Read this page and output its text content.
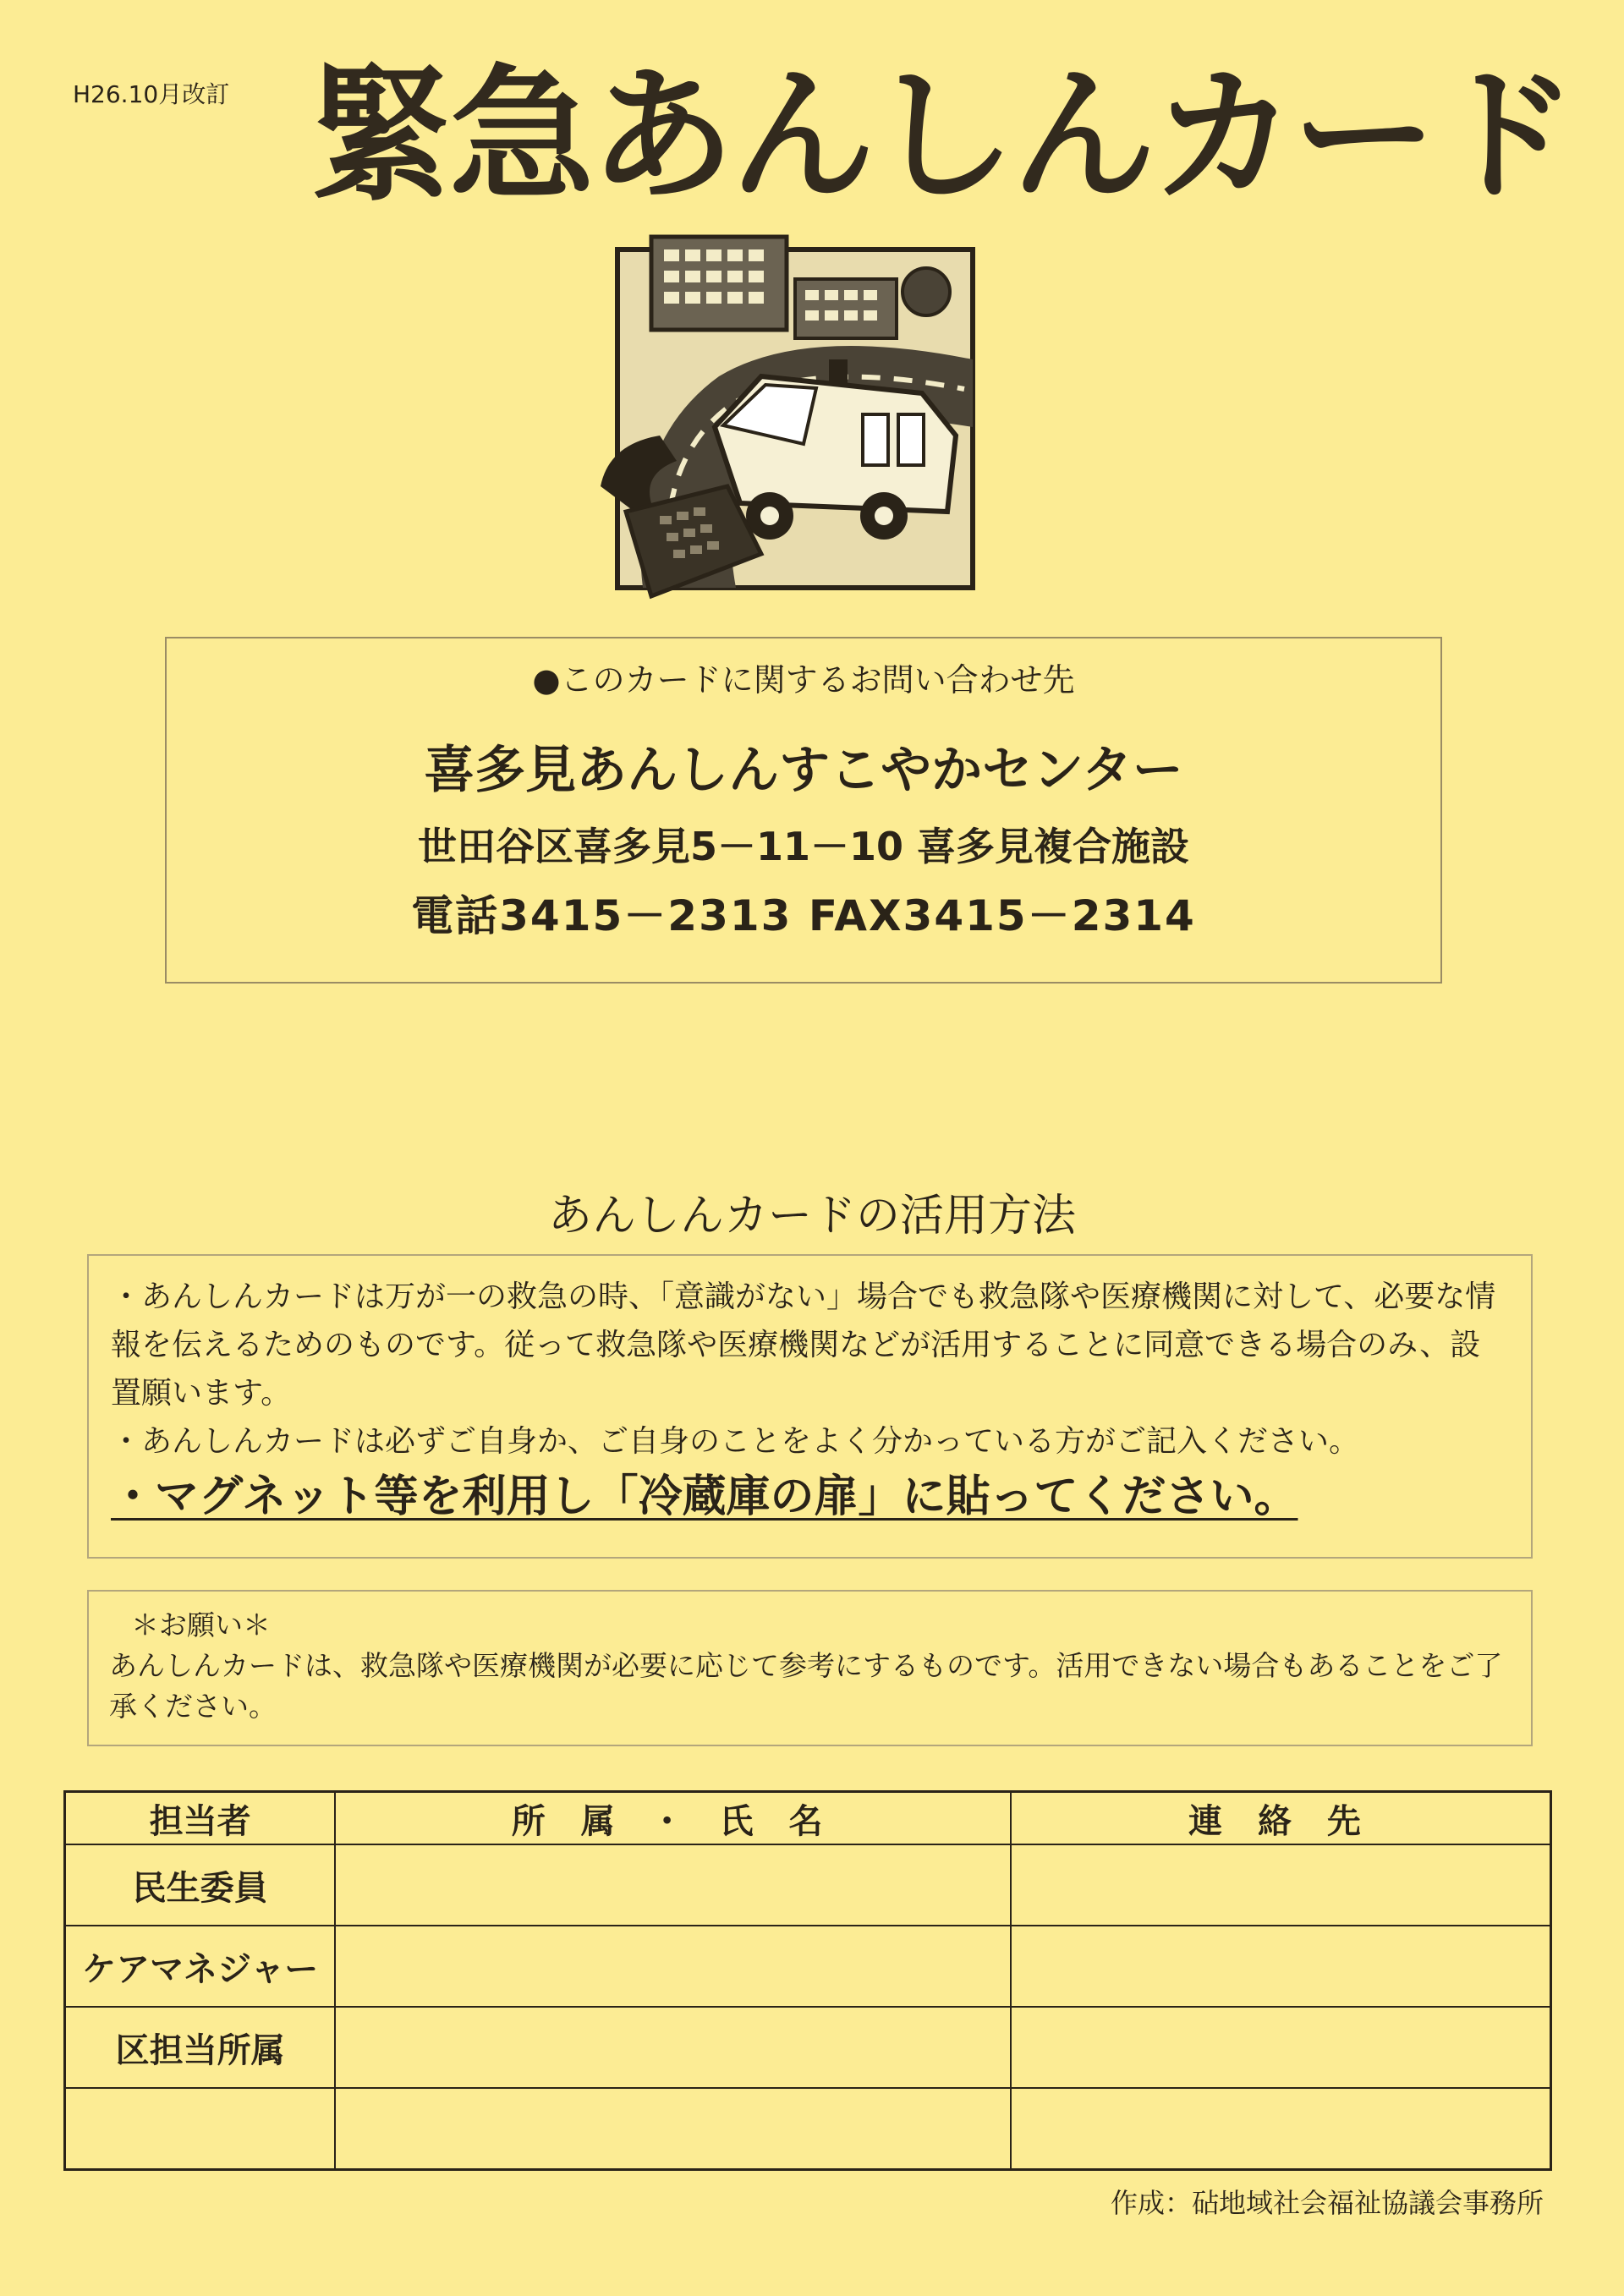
H26.10月改訂 緊急あんしんカード
●このカードに関するお問い合わせ先
喜多見あんしんすこやかセンター
世田谷区喜多見5－11－10 喜多見複合施設
電話3415－2313 FAX3415－2314
あんしんカードの活用方法

・あんしんカードは万が一の救急の時、「意識がない」場合でも救急隊や医療機関に対して、必要な情報を伝えるためのものです。従って救急隊や医療機関などが活用することに同意できる場合のみ、設置願います。

・あんしんカードは必ずご自身か、ご自身のことをよく分かっている方がご記入ください。

・マグネット等を利用し「冷蔵庫の扉」に貼ってください。

＊お願い＊

あんしんカードは、救急隊や医療機関が必要に応じて参考にするものです。活用できない場合もあることをご了承ください。

担当者	所 属 ・ 氏 名	連 絡 先
民生委員		
ケアマネジャー		
区担当所属		

作成：砧地域社会福祉協議会事務所
